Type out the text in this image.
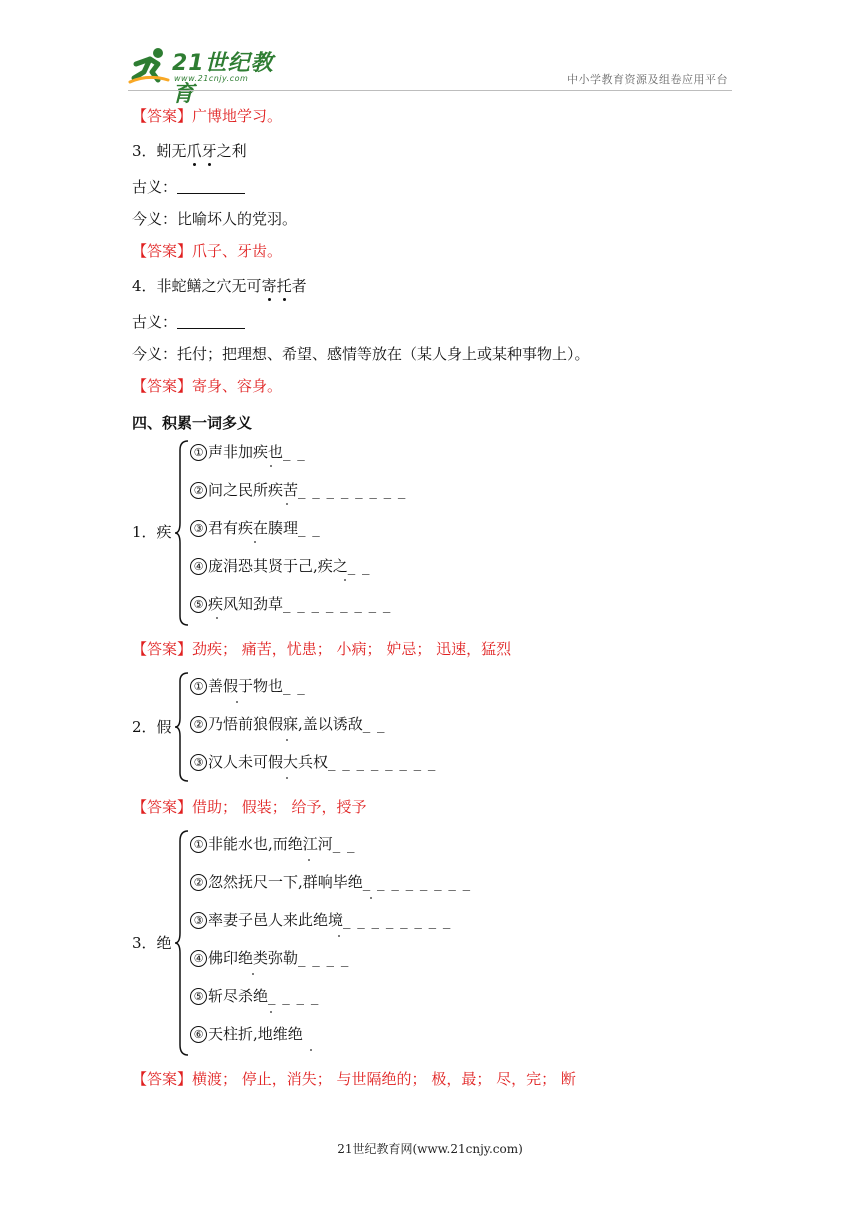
21世纪教育
www.21cnjy.com	中小学教育资源及组卷应用平台
【答案】广博地学习。
3．蚓无爪牙之利
古义：
今义：比喻坏人的党羽。
【答案】爪子、牙齿。
4．非蛇鳝之穴无可寄托者
古义：
今义：托付；把理想、希望、感情等放在（某人身上或某种事物上）。
【答案】寄身、容身。
四、积累一词多义
1．疾
① 声非加疾也_ _
② 问之民所疾苦_ _ _ _ _ _ _ _
③ 君有疾在腠理_ _
④ 庞涓恐其贤于己,疾之_ _
⑤ 疾风知劲草_ _ _ _ _ _ _ _
【答案】劲疾； 痛苦，忧患； 小病； 妒忌； 迅速，猛烈
2．假
① 善假于物也_ _
② 乃悟前狼假寐,盖以诱敌_ _
③ 汉人未可假大兵权_ _ _ _ _ _ _ _
【答案】借助； 假装； 给予，授予
3．绝
① 非能水也,而绝江河_ _
② 忽然抚尺一下,群响毕绝_ _ _ _ _ _ _ _
③ 率妻子邑人来此绝境_ _ _ _ _ _ _ _
④ 佛印绝类弥勒_ _ _ _
⑤ 斩尽杀绝_ _ _ _
⑥ 天柱折,地维绝
【答案】横渡； 停止，消失； 与世隔绝的； 极，最； 尽，完； 断
21世纪教育网(www.21cnjy.com)
